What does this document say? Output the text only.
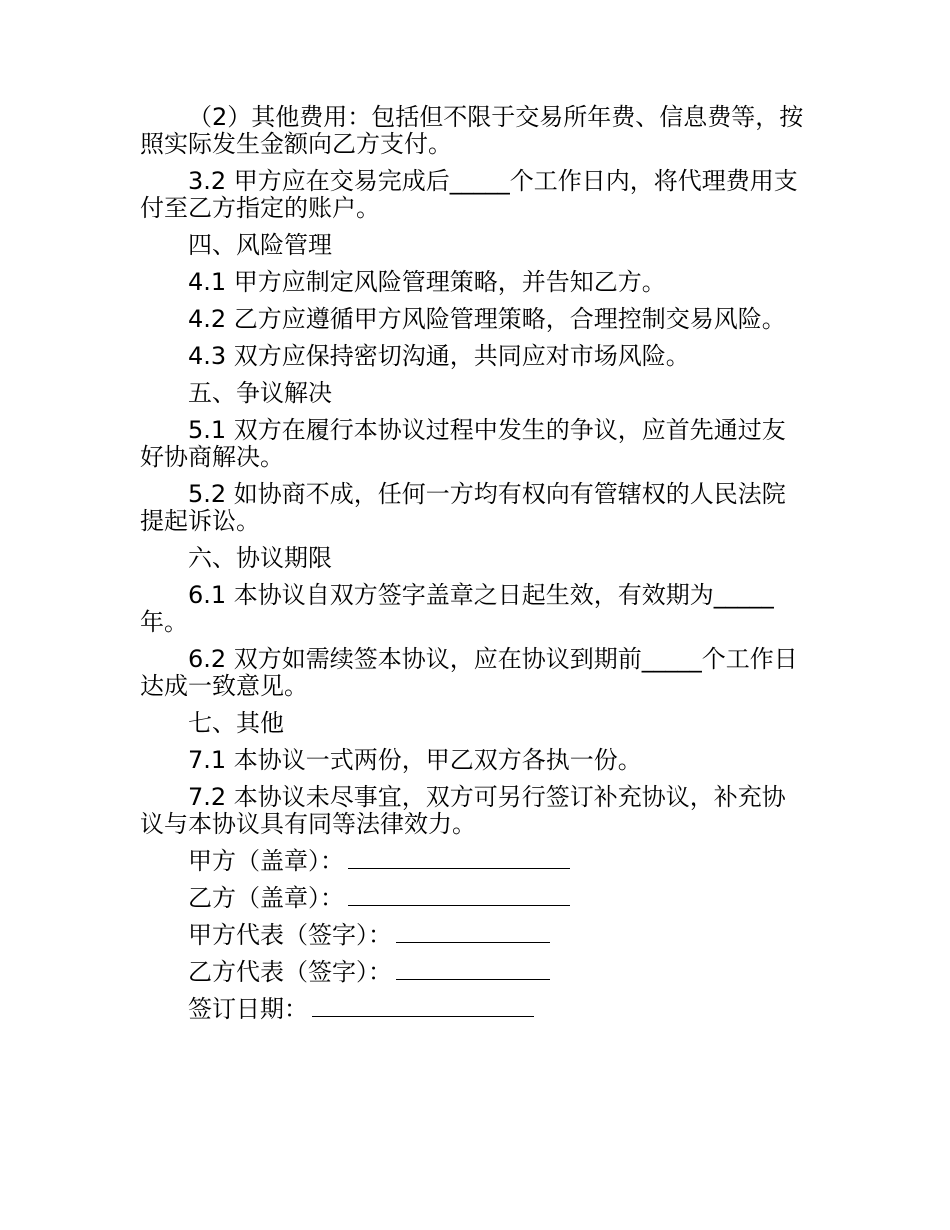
（2）其他费用：包括但不限于交易所年费、信息费等，按照实际发生金额向乙方支付。

3.2 甲方应在交易完成后_____个工作日内，将代理费用支付至乙方指定的账户。

四、风险管理

4.1 甲方应制定风险管理策略，并告知乙方。

4.2 乙方应遵循甲方风险管理策略，合理控制交易风险。

4.3 双方应保持密切沟通，共同应对市场风险。

五、争议解决

5.1 双方在履行本协议过程中发生的争议，应首先通过友好协商解决。

5.2 如协商不成，任何一方均有权向有管辖权的人民法院提起诉讼。

六、协议期限

6.1 本协议自双方签字盖章之日起生效，有效期为_____年。

6.2 双方如需续签本协议，应在协议到期前_____个工作日达成一致意见。

七、其他

7.1 本协议一式两份，甲乙双方各执一份。

7.2 本协议未尽事宜，双方可另行签订补充协议，补充协议与本协议具有同等法律效力。

甲方（盖章）：
乙方（盖章）：
甲方代表（签字）：
乙方代表（签字）：
签订日期：
